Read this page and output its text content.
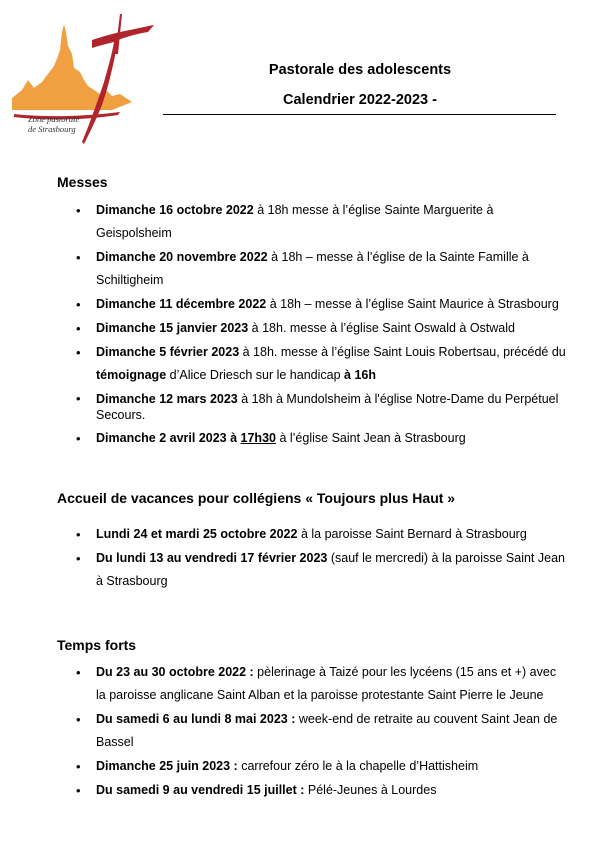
Zone pastorale
de Strasbourg
Pastorale des adolescents
Calendrier 2022-2023 -
Messes
• Dimanche 16 octobre 2022 à 18h messe à l’église Sainte Marguerite à Geispolsheim
• Dimanche 20 novembre 2022 à 18h – messe à l’église de la Sainte Famille à Schiltigheim
• Dimanche 11 décembre 2022 à 18h – messe à l’église Saint Maurice à Strasbourg
• Dimanche 15 janvier 2023 à 18h. messe à l’église Saint Oswald à Ostwald
• Dimanche 5 février 2023 à 18h. messe à l’église Saint Louis Robertsau, précédé du témoignage d’Alice Driesch sur le handicap à 16h
• Dimanche 12 mars 2023 à 18h à Mundolsheim à l'église Notre-Dame du Perpétuel Secours.
• Dimanche 2 avril 2023 à 17h30 à l’église Saint Jean à Strasbourg
Accueil de vacances pour collégiens « Toujours plus Haut »
• Lundi 24 et mardi 25 octobre 2022 à la paroisse Saint Bernard à Strasbourg
• Du lundi 13 au vendredi 17 février 2023 (sauf le mercredi) à la paroisse Saint Jean à Strasbourg
Temps forts
• Du 23 au 30 octobre 2022 : pèlerinage à Taizé pour les lycéens (15 ans et +) avec la paroisse anglicane Saint Alban et la paroisse protestante Saint Pierre le Jeune
• Du samedi 6 au lundi 8 mai 2023 : week-end de retraite au couvent Saint Jean de Bassel
• Dimanche 25 juin 2023 : carrefour zéro le à la chapelle d’Hattisheim
• Du samedi 9 au vendredi 15 juillet : Pélé-Jeunes à Lourdes
